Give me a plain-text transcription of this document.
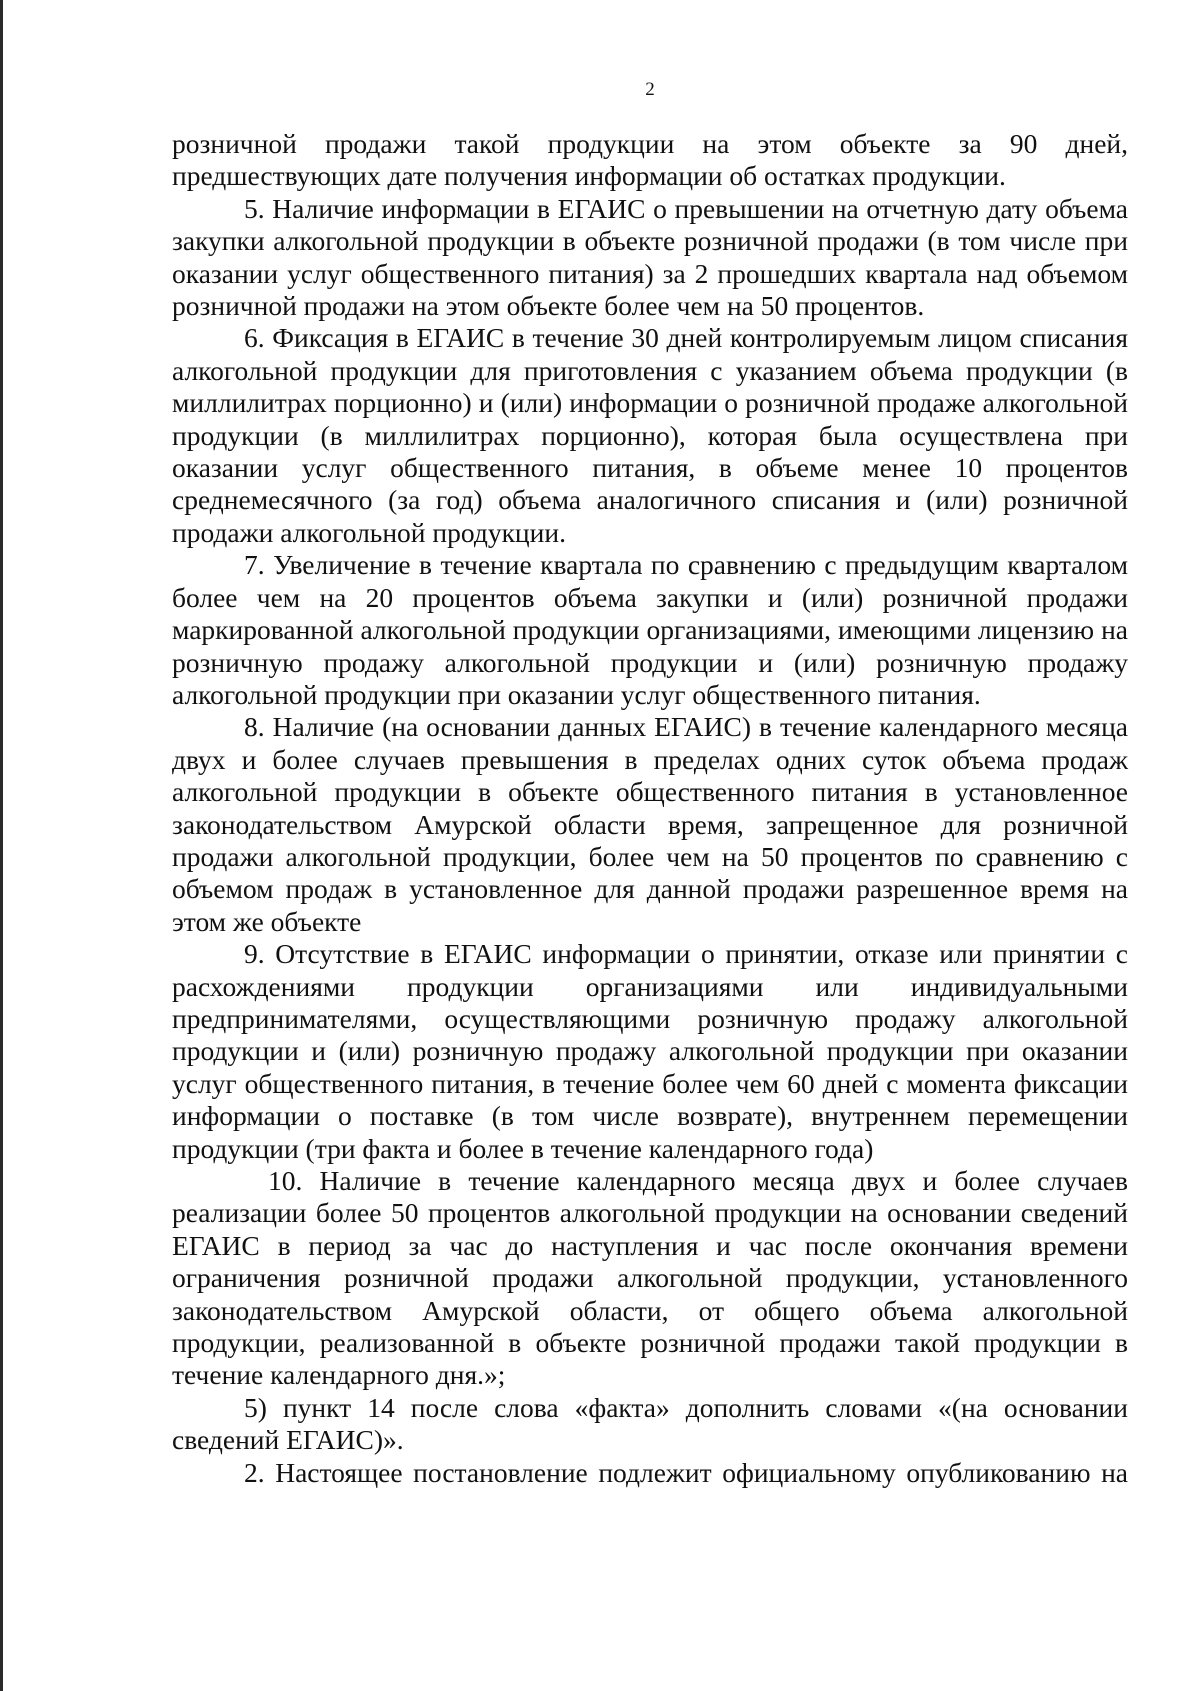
2

розничной продажи такой продукции на этом объекте за 90 дней, предшествующих дате получения информации об остатках продукции.

5. Наличие информации в ЕГАИС о превышении на отчетную дату объема закупки алкогольной продукции в объекте розничной продажи (в том числе при оказании услуг общественного питания) за 2 прошедших квартала над объемом розничной продажи на этом объекте более чем на 50 процентов.

6. Фиксация в ЕГАИС в течение 30 дней контролируемым лицом списания алкогольной продукции для приготовления с указанием объема продукции (в миллилитрах порционно) и (или) информации о розничной продаже алкогольной продукции (в миллилитрах порционно), которая была осуществлена при оказании услуг общественного питания, в объеме менее 10 процентов среднемесячного (за год) объема аналогичного списания и (или) розничной продажи алкогольной продукции.

7. Увеличение в течение квартала по сравнению с предыдущим кварталом более чем на 20 процентов объема закупки и (или) розничной продажи маркированной алкогольной продукции организациями, имеющими лицензию на розничную продажу алкогольной продукции и (или) розничную продажу алкогольной продукции при оказании услуг общественного питания.

8. Наличие (на основании данных ЕГАИС) в течение календарного месяца двух и более случаев превышения в пределах одних суток объема продаж алкогольной продукции в объекте общественного питания в установленное законодательством Амурской области время, запрещенное для розничной продажи алкогольной продукции, более чем на 50 процентов по сравнению с объемом продаж в установленное для данной продажи разрешенное время на этом же объекте

9. Отсутствие в ЕГАИС информации о принятии, отказе или принятии с расхождениями продукции организациями или индивидуальными предпринимателями, осуществляющими розничную продажу алкогольной продукции и (или) розничную продажу алкогольной продукции при оказании услуг общественного питания, в течение более чем 60 дней с момента фиксации информации о поставке (в том числе возврате), внутреннем перемещении продукции (три факта и более в течение календарного года)

10. Наличие в течение календарного месяца двух и более случаев реализации более 50 процентов алкогольной продукции на основании сведений ЕГАИС в период за час до наступления и час после окончания времени ограничения розничной продажи алкогольной продукции, установленного законодательством Амурской области, от общего объема алкогольной продукции, реализованной в объекте розничной продажи такой продукции в течение календарного дня.»;

5) пункт 14 после слова «факта» дополнить словами «(на основании сведений ЕГАИС)».

2. Настоящее постановление подлежит официальному опубликованию на
